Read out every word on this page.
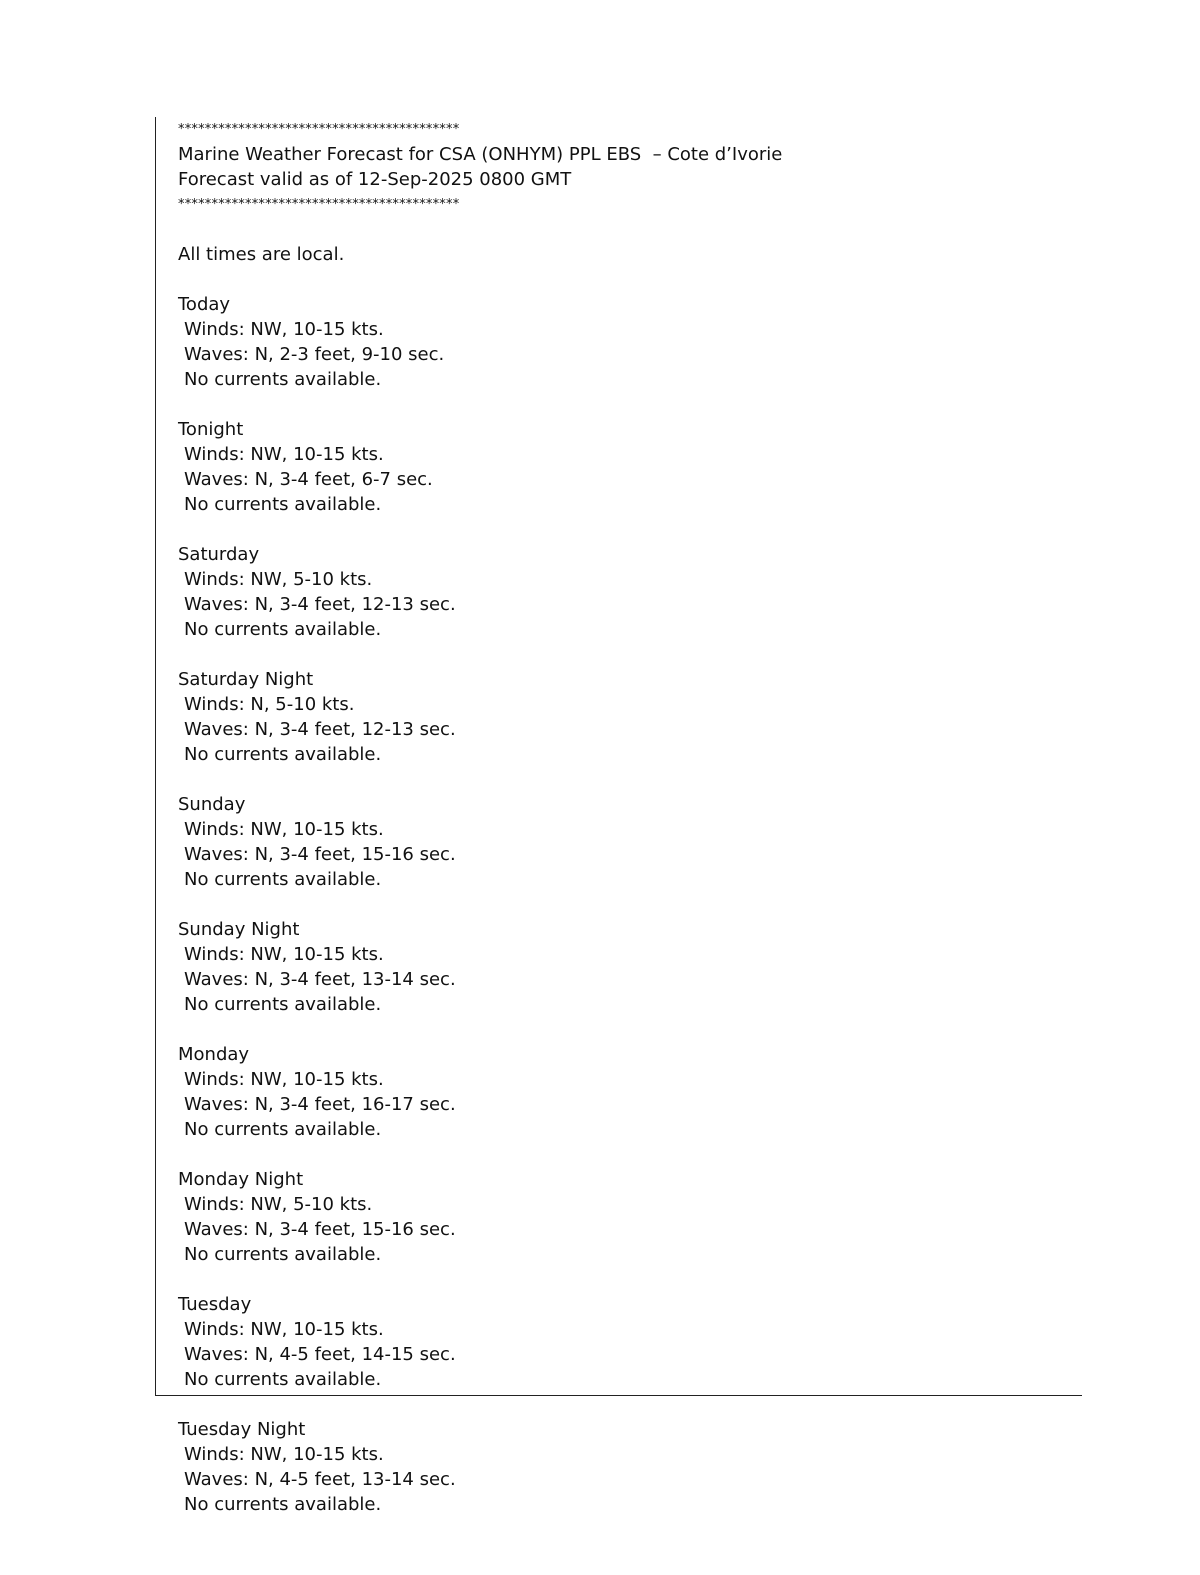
******************************************
Marine Weather Forecast for CSA (ONHYM) PPL EBS  – Cote d’Ivorie
Forecast valid as of 12-Sep-2025 0800 GMT
******************************************
All times are local.
Today
Winds: NW, 10-15 kts.
Waves: N, 2-3 feet, 9-10 sec.
No currents available.
Tonight
Winds: NW, 10-15 kts.
Waves: N, 3-4 feet, 6-7 sec.
No currents available.
Saturday
Winds: NW, 5-10 kts.
Waves: N, 3-4 feet, 12-13 sec.
No currents available.
Saturday Night
Winds: N, 5-10 kts.
Waves: N, 3-4 feet, 12-13 sec.
No currents available.
Sunday
Winds: NW, 10-15 kts.
Waves: N, 3-4 feet, 15-16 sec.
No currents available.
Sunday Night
Winds: NW, 10-15 kts.
Waves: N, 3-4 feet, 13-14 sec.
No currents available.
Monday
Winds: NW, 10-15 kts.
Waves: N, 3-4 feet, 16-17 sec.
No currents available.
Monday Night
Winds: NW, 5-10 kts.
Waves: N, 3-4 feet, 15-16 sec.
No currents available.
Tuesday
Winds: NW, 10-15 kts.
Waves: N, 4-5 feet, 14-15 sec.
No currents available.
Tuesday Night
Winds: NW, 10-15 kts.
Waves: N, 4-5 feet, 13-14 sec.
No currents available.
